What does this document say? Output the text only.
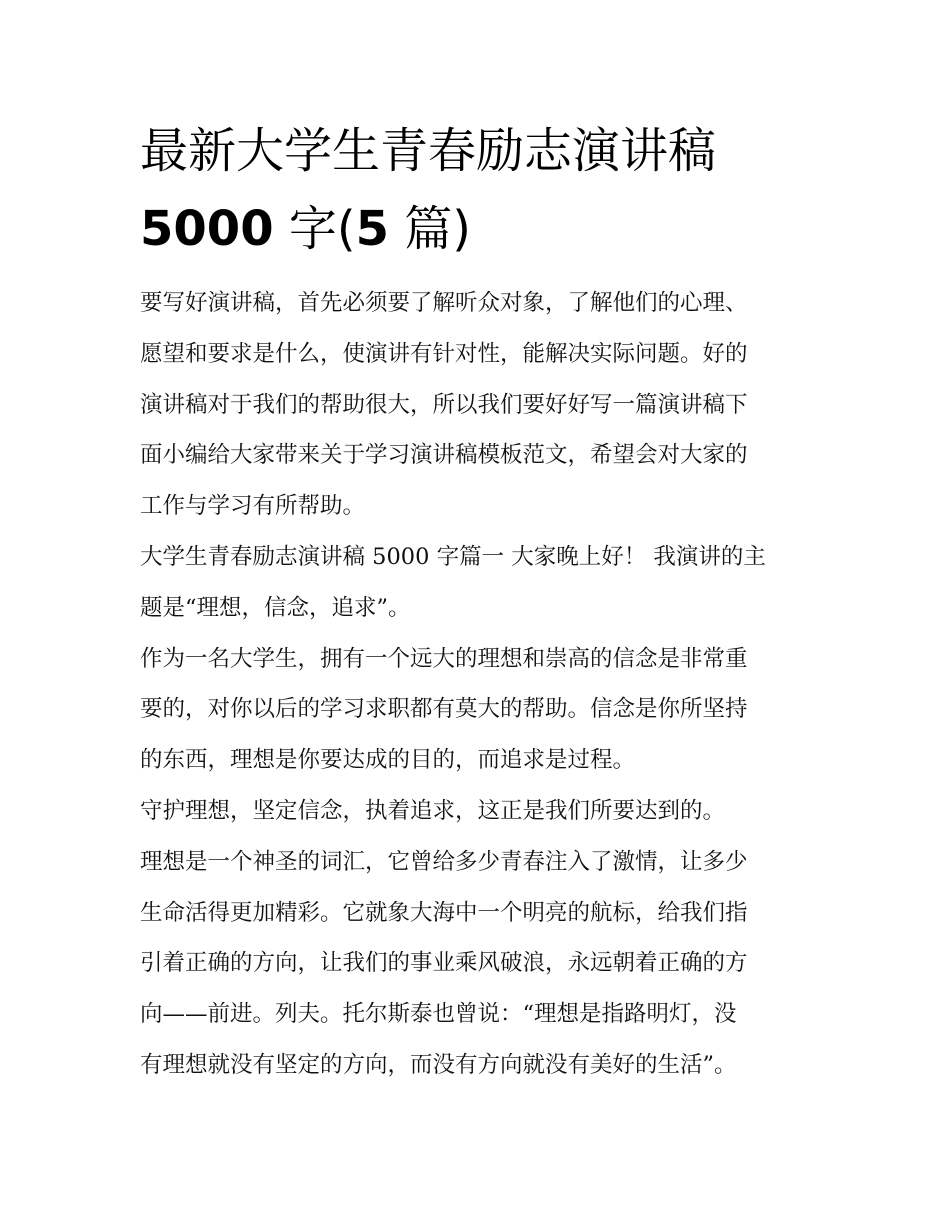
最新大学生青春励志演讲稿
5000 字(5 篇)

要写好演讲稿，首先必须要了解听众对象，了解他们的心理、
愿望和要求是什么，使演讲有针对性，能解决实际问题。好的
演讲稿对于我们的帮助很大，所以我们要好好写一篇演讲稿下
面小编给大家带来关于学习演讲稿模板范文，希望会对大家的
工作与学习有所帮助。

大学生青春励志演讲稿 5000 字篇一 大家晚上好！ 我演讲的主
题是“理想，信念，追求”。

作为一名大学生，拥有一个远大的理想和崇高的信念是非常重
要的，对你以后的学习求职都有莫大的帮助。信念是你所坚持
的东西，理想是你要达成的目的，而追求是过程。

守护理想，坚定信念，执着追求，这正是我们所要达到的。

理想是一个神圣的词汇，它曾给多少青春注入了激情，让多少
生命活得更加精彩。它就象大海中一个明亮的航标，给我们指
引着正确的方向，让我们的事业乘风破浪，永远朝着正确的方
向——前进。列夫。托尔斯泰也曾说：“理想是指路明灯，没
有理想就没有坚定的方向，而没有方向就没有美好的生活”。
